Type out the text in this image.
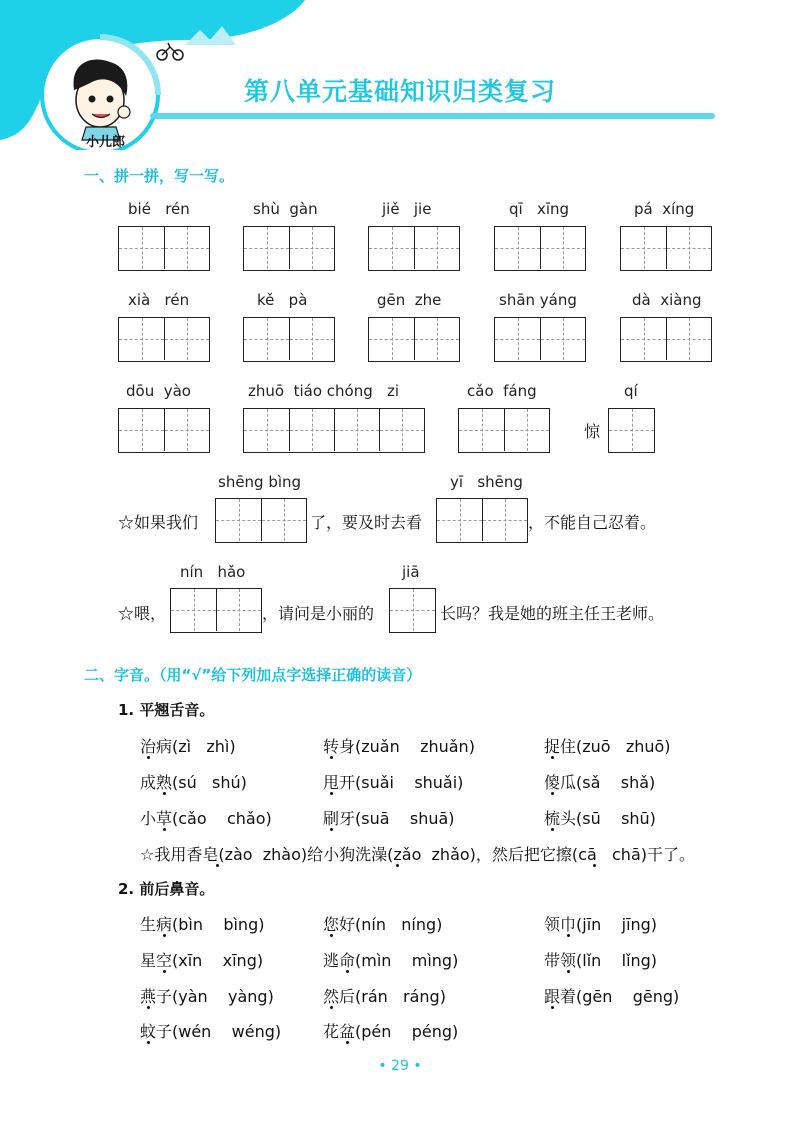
第八单元基础知识归类复习
小儿郎
一、拼一拼，写一写。
bié   rén	shù  gàn	jiě   jie	qī   xīng	pá  xíng
xià   rén	kě   pà	gēn  zhe	shān yáng	dà  xiàng
dōu  yào	zhuō  tiáo chóng   zi	cǎo  fáng	qí
惊
shēng bìng	yī   shēng
☆如果我们	了，要及时去看	，不能自己忍着。
nín   hǎo	jiā
☆喂，	，请问是小丽的	长吗？我是她的班主任王老师。
二、字音。（用“√”给下列加点字选择正确的读音）
1. 平翘舌音。
治病(zì   zhì)	转身(zuǎn    zhuǎn)	捉住(zuō   zhuō)
成熟(sú   shú)	甩开(suǎi    shuǎi)	傻瓜(sǎ    shǎ)
小草(cǎo    chǎo)	刷牙(suā    shuā)	梳头(sū    shū)
☆我用香皂(zào  zhào)给小狗洗澡(zǎo  zhǎo)，然后把它擦(cā   chā)干了。
2. 前后鼻音。
生病(bìn    bìng)	您好(nín   níng)	领巾(jīn    jīng)
星空(xīn    xīng)	逃命(mìn    mìng)	带领(lǐn    lǐng)
燕子(yàn    yàng)	然后(rán   ráng)	跟着(gēn    gēng)
蚊子(wén    wéng)	花盆(pén    péng)
• 29 •
